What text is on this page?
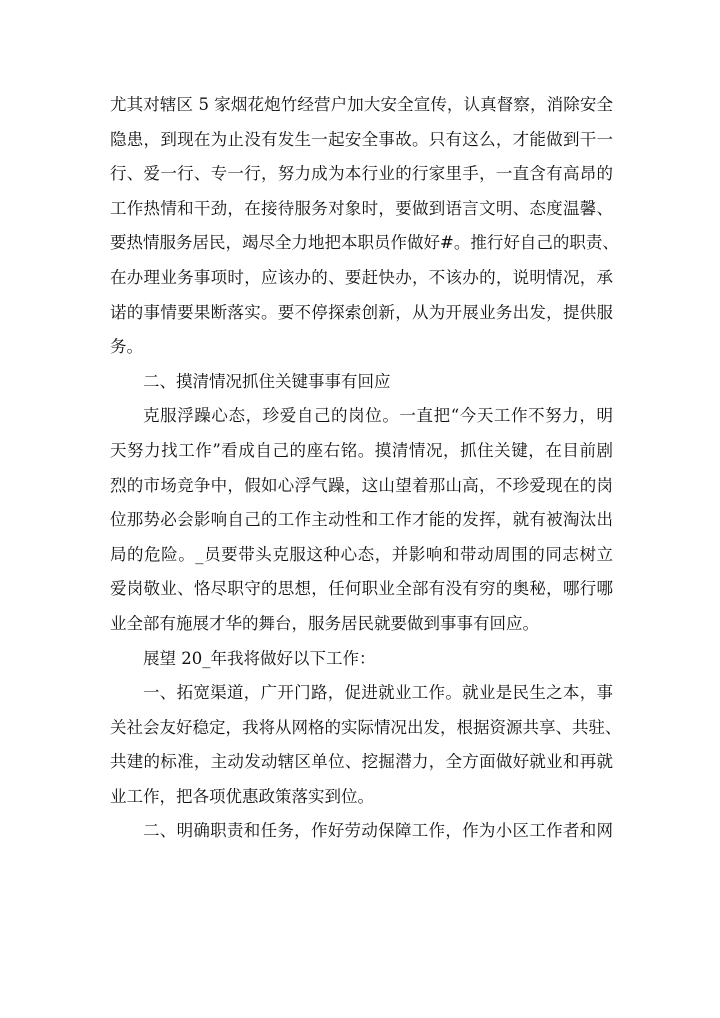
尤其对辖区 5 家烟花炮竹经营户加大安全宣传，认真督察，消除安全
隐患，到现在为止没有发生一起安全事故。只有这么，才能做到干一
行、爱一行、专一行，努力成为本行业的行家里手，一直含有高昂的
工作热情和干劲，在接待服务对象时，要做到语言文明、态度温馨、
要热情服务居民，竭尽全力地把本职员作做好#。推行好自己的职责、
在办理业务事项时，应该办的、要赶快办，不该办的，说明情况，承
诺的事情要果断落实。要不停探索创新，从为开展业务出发，提供服
务。
二、摸清情况抓住关键事事有回应
克服浮躁心态，珍爱自己的岗位。一直把“今天工作不努力，明
天努力找工作”看成自己的座右铭。摸清情况，抓住关键，在目前剧
烈的市场竞争中，假如心浮气躁，这山望着那山高，不珍爱现在的岗
位那势必会影响自己的工作主动性和工作才能的发挥，就有被淘汰出
局的危险。_员要带头克服这种心态，并影响和带动周围的同志树立
爱岗敬业、恪尽职守的思想，任何职业全部有没有穷的奥秘，哪行哪
业全部有施展才华的舞台，服务居民就要做到事事有回应。
展望 20_年我将做好以下工作：
一、拓宽渠道，广开门路，促进就业工作。就业是民生之本，事
关社会友好稳定，我将从网格的实际情况出发，根据资源共享、共驻、
共建的标准，主动发动辖区单位、挖掘潜力，全方面做好就业和再就
业工作，把各项优惠政策落实到位。
二、明确职责和任务，作好劳动保障工作，作为小区工作者和网
